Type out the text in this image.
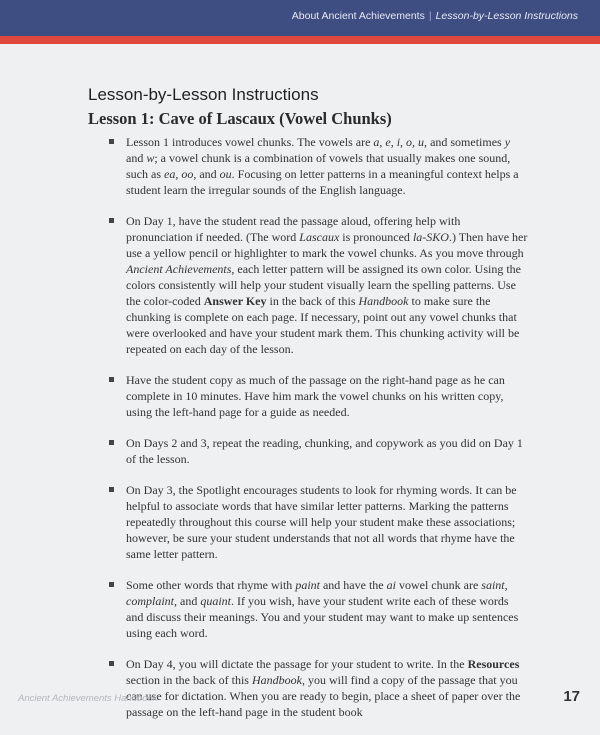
About Ancient Achievements | Lesson-by-Lesson Instructions
Lesson-by-Lesson Instructions
Lesson 1: Cave of Lascaux (Vowel Chunks)
Lesson 1 introduces vowel chunks. The vowels are a, e, i, o, u, and sometimes y and w; a vowel chunk is a combination of vowels that usually makes one sound, such as ea, oo, and ou. Focusing on letter patterns in a meaningful context helps a student learn the irregular sounds of the English language.
On Day 1, have the student read the passage aloud, offering help with pronunciation if needed. (The word Lascaux is pronounced la-SKO.) Then have her use a yellow pencil or highlighter to mark the vowel chunks. As you move through Ancient Achievements, each letter pattern will be assigned its own color. Using the colors consistently will help your student visually learn the spelling patterns. Use the color-coded Answer Key in the back of this Handbook to make sure the chunking is complete on each page. If necessary, point out any vowel chunks that were overlooked and have your student mark them. This chunking activity will be repeated on each day of the lesson.
Have the student copy as much of the passage on the right-hand page as he can complete in 10 minutes. Have him mark the vowel chunks on his written copy, using the left-hand page for a guide as needed.
On Days 2 and 3, repeat the reading, chunking, and copywork as you did on Day 1 of the lesson.
On Day 3, the Spotlight encourages students to look for rhyming words. It can be helpful to associate words that have similar letter patterns. Marking the patterns repeatedly throughout this course will help your student make these associations; however, be sure your student understands that not all words that rhyme have the same letter pattern.
Some other words that rhyme with paint and have the ai vowel chunk are saint, complaint, and quaint. If you wish, have your student write each of these words and discuss their meanings. You and your student may want to make up sentences using each word.
On Day 4, you will dictate the passage for your student to write. In the Resources section in the back of this Handbook, you will find a copy of the passage that you can use for dictation. When you are ready to begin, place a sheet of paper over the passage on the left-hand page in the student book
Ancient Achievements Handbook	17
